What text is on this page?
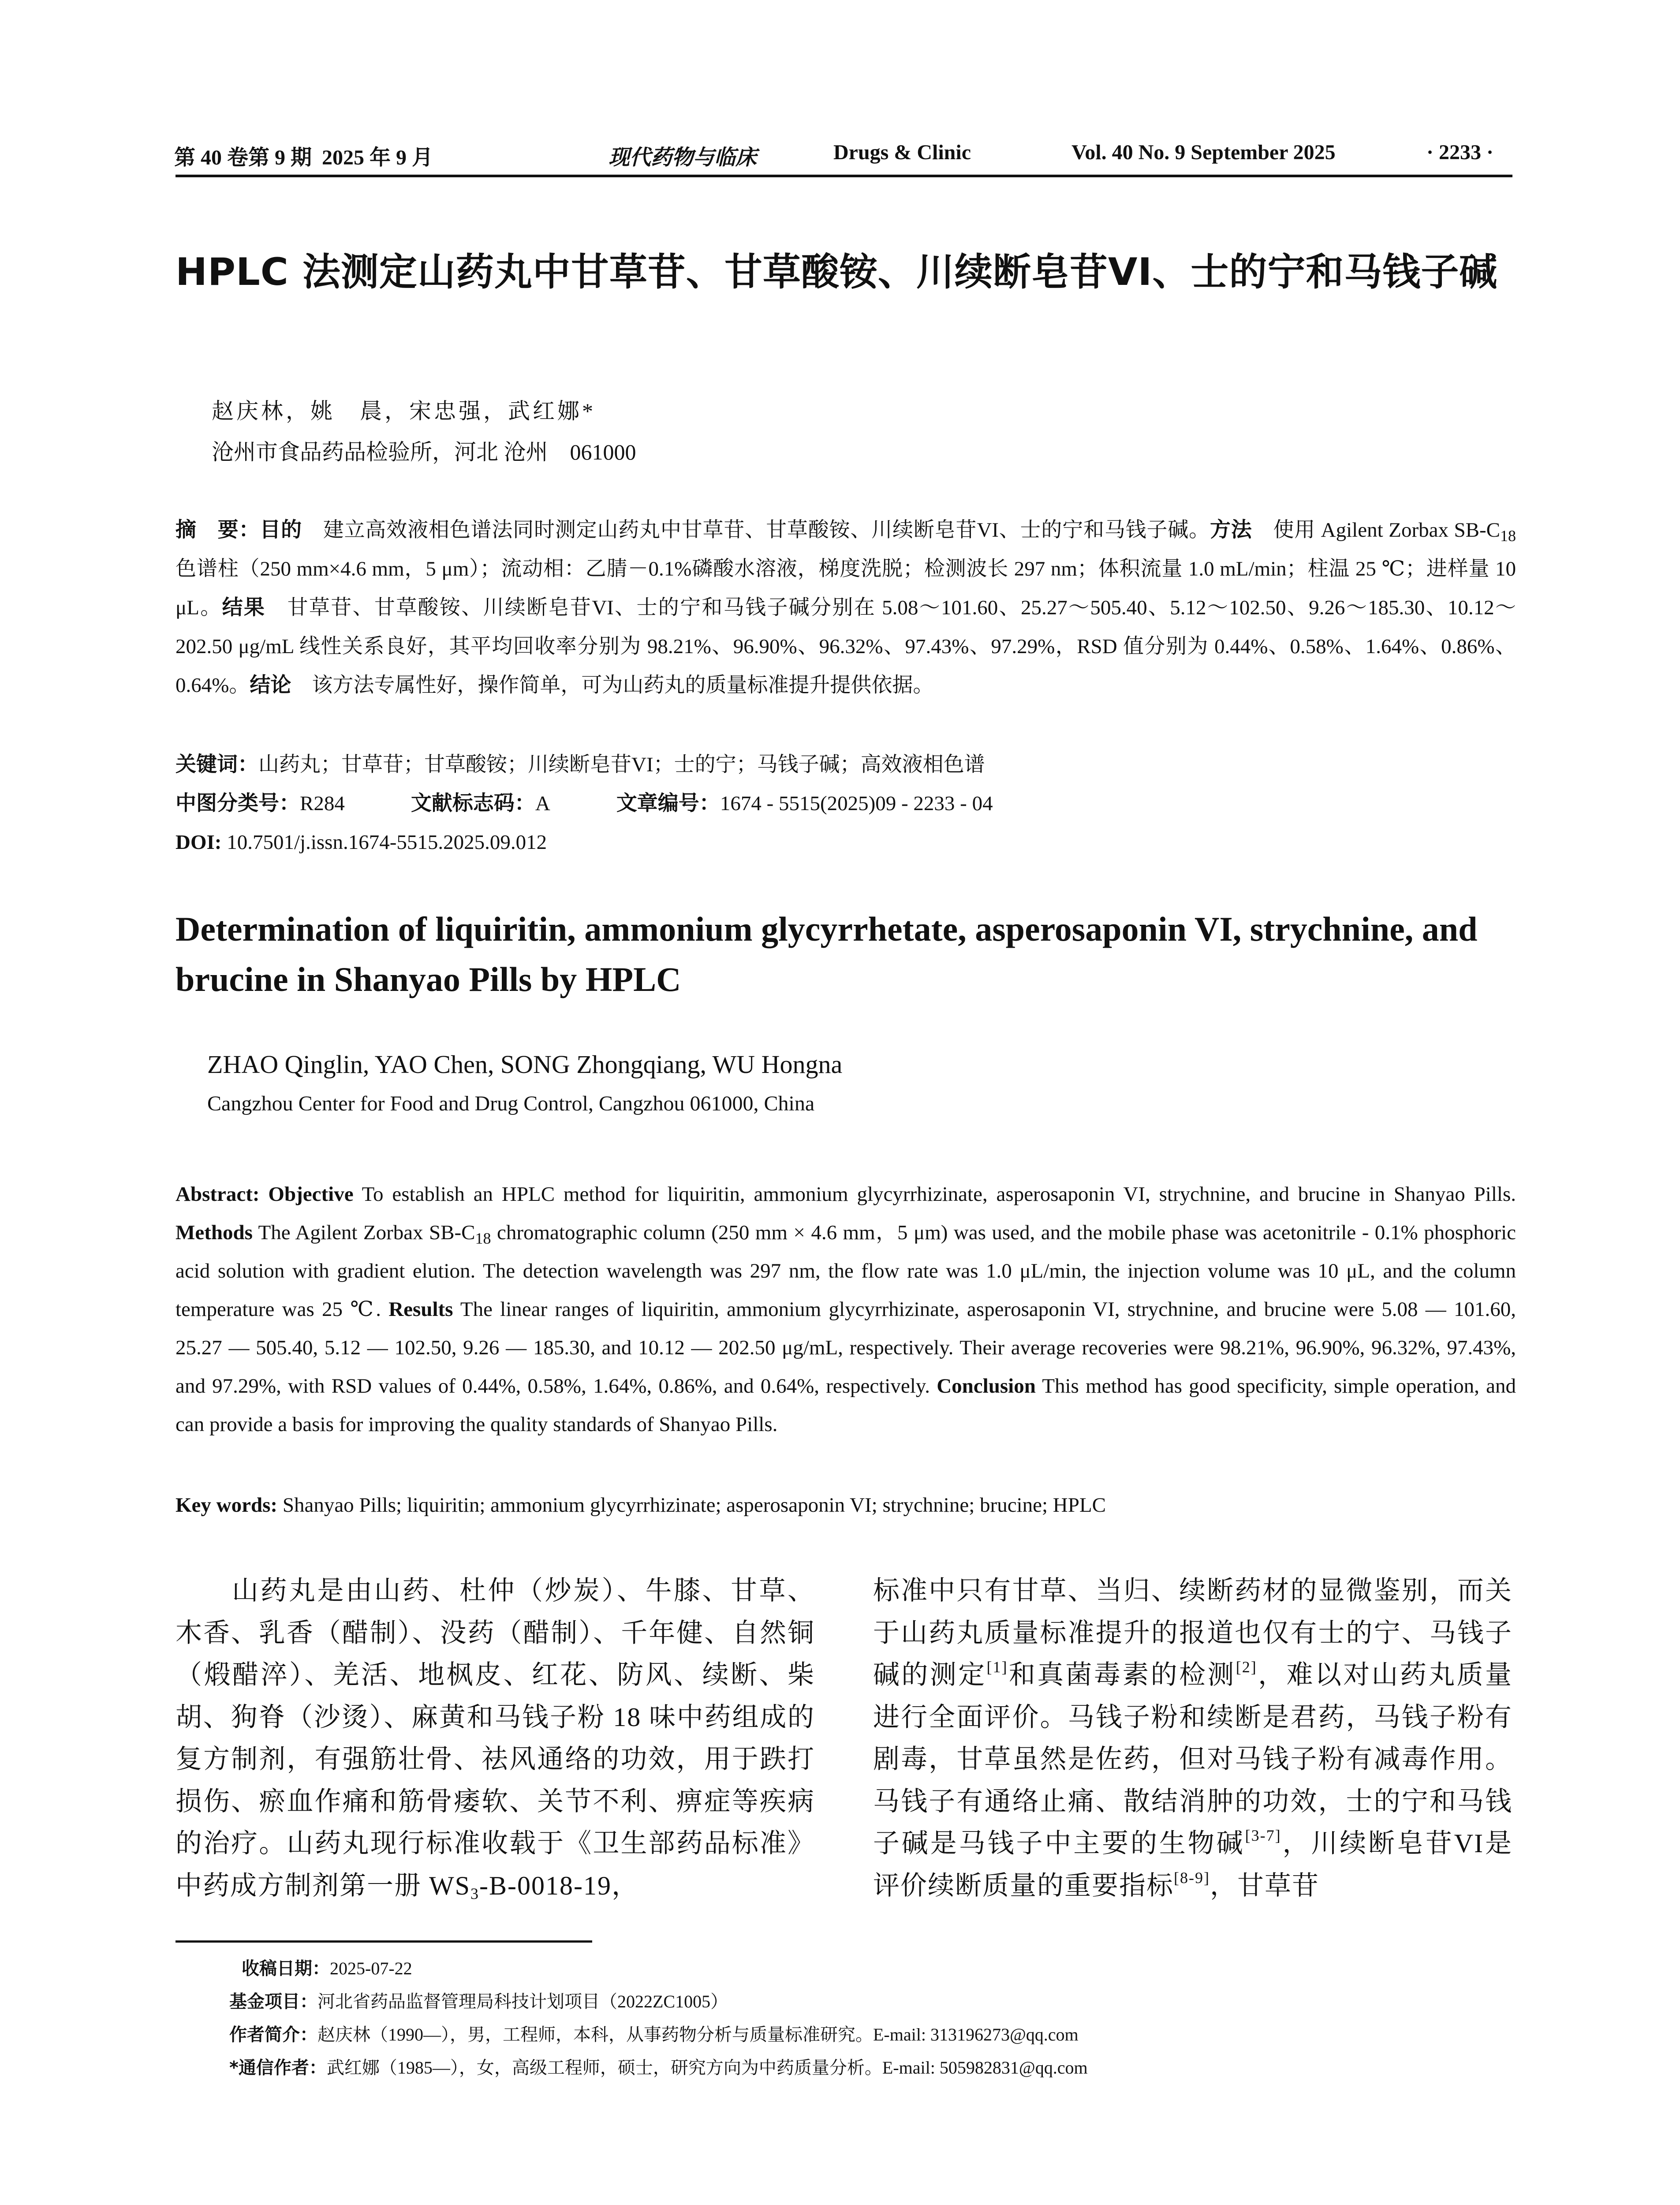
第 40 卷第 9 期 2025 年 9 月	现代药物与临床	Drugs & Clinic	Vol. 40 No. 9 September 2025	· 2233 ·
HPLC 法测定山药丸中甘草苷、甘草酸铵、川续断皂苷VI、士的宁和马钱子碱
赵庆林，姚　晨，宋忠强，武红娜*
沧州市食品药品检验所，河北 沧州　061000
摘　要：目的　建立高效液相色谱法同时测定山药丸中甘草苷、甘草酸铵、川续断皂苷VI、士的宁和马钱子碱。方法　使用 Agilent Zorbax $SB-C_{18}$ 色谱柱（250 mm×4.6 mm，5 μm）；流动相：乙腈－0.1%磷酸水溶液，梯度洗脱；检测波长 297 nm；体积流量 1.0 mL/min；柱温 25 ℃；进样量 10 μL。结果　甘草苷、甘草酸铵、川续断皂苷VI、士的宁和马钱子碱分别在 5.08～101.60、25.27～505.40、5.12～102.50、9.26～185.30、10.12～202.50 μg/mL 线性关系良好，其平均回收率分别为 98.21%、96.90%、96.32%、97.43%、97.29%，RSD 值分别为 0.44%、0.58%、1.64%、0.86%、0.64%。结论　该方法专属性好，操作简单，可为山药丸的质量标准提升提供依据。
关键词：山药丸；甘草苷；甘草酸铵；川续断皂苷VI；士的宁；马钱子碱；高效液相色谱
中图分类号：R284	文献标志码：A	文章编号：1674 - 5515(2025)09 - 2233 - 04
DOI: 10.7501/j.issn.1674-5515.2025.09.012
Determination of liquiritin, ammonium glycyrrhetate, asperosaponin VI, strychnine, and brucine in Shanyao Pills by HPLC
ZHAO Qinglin, YAO Chen, SONG Zhongqiang, WU Hongna
Cangzhou Center for Food and Drug Control, Cangzhou 061000, China
Abstract: Objective To establish an HPLC method for liquiritin, ammonium glycyrrhizinate, asperosaponin VI, strychnine, and brucine in Shanyao Pills. Methods The Agilent Zorbax $SB-C_{18}$ chromatographic column (250 mm × 4.6 mm，5 μm) was used, and the mobile phase was acetonitrile - 0.1% phosphoric acid solution with gradient elution. The detection wavelength was 297 nm, the flow rate was 1.0 μL/min, the injection volume was 10 μL, and the column temperature was 25 ℃. Results The linear ranges of liquiritin, ammonium glycyrrhizinate, asperosaponin VI, strychnine, and brucine were 5.08 — 101.60, 25.27 — 505.40, 5.12 — 102.50, 9.26 — 185.30, and 10.12 — 202.50 μg/mL, respectively. Their average recoveries were 98.21%, 96.90%, 96.32%, 97.43%, and 97.29%, with RSD values of 0.44%, 0.58%, 1.64%, 0.86%, and 0.64%, respectively. Conclusion This method has good specificity, simple operation, and can provide a basis for improving the quality standards of Shanyao Pills.
Key words: Shanyao Pills; liquiritin; ammonium glycyrrhizinate; asperosaponin VI; strychnine; brucine; HPLC
山药丸是由山药、杜仲（炒炭）、牛膝、甘草、木香、乳香（醋制）、没药（醋制）、千年健、自然铜（煅醋淬）、羌活、地枫皮、红花、防风、续断、柴胡、狗脊（沙烫）、麻黄和马钱子粉 18 味中药组成的复方制剂，有强筋壮骨、祛风通络的功效，用于跌打损伤、瘀血作痛和筋骨痿软、关节不利、痹症等疾病的治疗。山药丸现行标准收载于《卫生部药品标准》中药成方制剂第一册 $WS_3-B-0018-19$，
标准中只有甘草、当归、续断药材的显微鉴别，而关于山药丸质量标准提升的报道也仅有士的宁、马钱子碱的测定[1]和真菌毒素的检测[2]，难以对山药丸质量进行全面评价。马钱子粉和续断是君药，马钱子粉有剧毒，甘草虽然是佐药，但对马钱子粉有减毒作用。马钱子有通络止痛、散结消肿的功效，士的宁和马钱子碱是马钱子中主要的生物碱[3-7]，川续断皂苷VI是评价续断质量的重要指标[8-9]，甘草苷
收稿日期：2025-07-22
基金项目：河北省药品监督管理局科技计划项目（2022ZC1005）
作者简介：赵庆林（1990—），男，工程师，本科，从事药物分析与质量标准研究。E-mail: 313196273@qq.com
*通信作者：武红娜（1985—），女，高级工程师，硕士，研究方向为中药质量分析。E-mail: 505982831@qq.com
